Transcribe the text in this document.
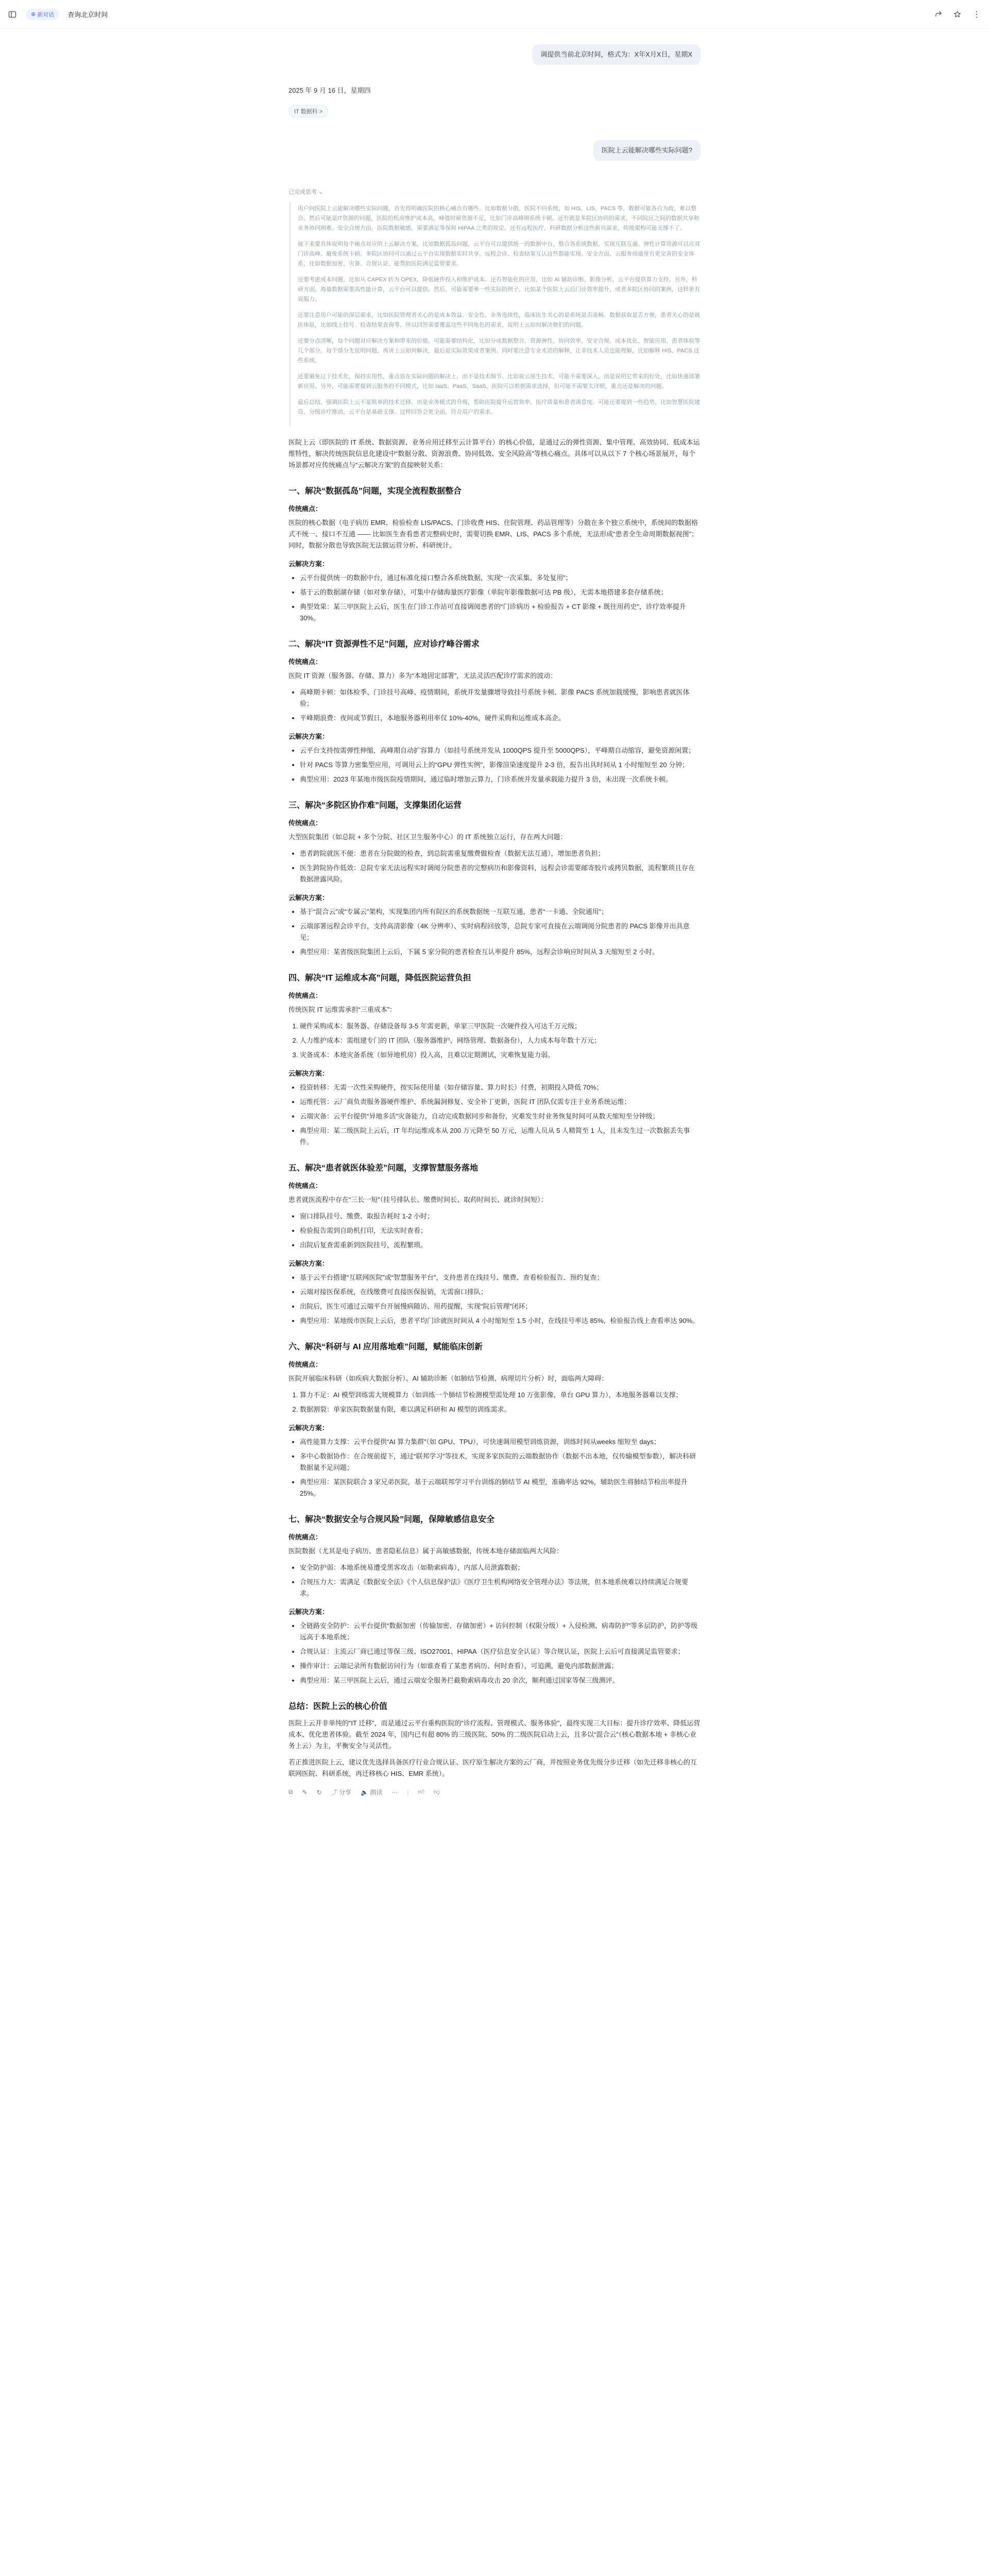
⊕ 新对话 查询北京时间	⋮
调提供当前北京时间，格式为：X年X月X日，星期X
2025 年 9 月 16 日，星期四
IT 数据科 >
医院上云能解决哪些实际问题?
已完成思考 ⌄

用户问医院上云能解决哪些实际问题，首先得明确医院的核心痛点有哪些。比如数据分散，医院不同系统，如 HIS、LIS、PACS 等，数据可能各自为政，难以整合。然后可能是IT资源的问题，医院的机房维护成本高，峰值时候资源不足，比如门诊高峰期系统卡顿。还有就是多院区协同的需求，不同院区之间的数据共享和业务协同困难。安全合规方面，医院数据敏感，需要满足等保和 HIPAA 之类的规定。还有远程医疗、科研数据分析这些新兴需求，传统架构可能支撑不了。

接下来要具体说明每个痛点对应的上云解决方案。比如数据孤岛问题，云平台可以提供统一的数据中台，整合各系统数据，实现互联互通。弹性计算资源可以应对门诊高峰，避免系统卡顿。多院区协同可以通过云平台实现数据实时共享，远程会诊、检查结果互认这些都能实现。安全方面，云服务商通常有更完善的安全体系，比如数据加密、灾备、合规认证，能帮助医院满足监管要求。

还要考虑成本问题，比如从 CAPEX 转为 OPEX，降低硬件投入和维护成本。还有智能化的应用，比如 AI 辅助诊断、影像分析，云平台提供算力支持。另外，科研方面，海量数据需要高性能计算，云平台可以提供。然后，可能需要举一些实际的例子，比如某个医院上云后门诊效率提升，或者多院区协同的案例，这样更有说服力。

还要注意用户可能的深层需求，比如医院管理者关心的是成本效益、安全性、业务连续性，临床医生关心的是系统是否流畅、数据获取是否方便，患者关心的是就医体验，比如线上挂号、检查结果查询等。所以回答需要覆盖这些不同角色的需求，说明上云如何解决他们的问题。

还要分点清晰，每个问题对应解决方案和带来的价值。可能需要结构化，比如分成数据整合、资源弹性、协同效率、安全合规、成本优化、智能应用、患者体验等几个部分。每个部分先说明问题，再讲上云如何解决，最后是实际效果或者案例。同时要注意专业术语的解释，让非技术人员也能理解，比如解释 HIS、PACS 这些系统。

还要避免过于技术化，保持实用性，重点放在实际问题的解决上，而不是技术细节。比如说云原生技术，可能不需要深入，而是说明它带来的好处，比如快速部署新应用。另外，可能需要提到云服务的不同模式，比如 IaaS、PaaS、SaaS，医院可以根据需求选择，但可能不需要太详细，重点还是解决的问题。

最后总结，强调医院上云不是简单的技术迁移，而是业务模式的升级，帮助医院提升运营效率、医疗质量和患者满意度。可能还要提到一些趋势，比如智慧医院建设、分级诊疗推动，云平台是基础支撑。这样回答会更全面，符合用户的需求。

医院上云（即医院的 IT 系统、数据资源、业务应用迁移至云计算平台）的核心价值，是通过云的弹性资源、集中管理、高效协同、低成本运维特性，解决传统医院信息化建设中“数据分散、资源浪费、协同低效、安全风险高”等核心痛点。具体可以从以下 7 个核心场景展开，每个场景都对应传统痛点与“云解决方案”的直接映射关系：

一、解决“数据孤岛”问题，实现全流程数据整合
传统痛点：

医院的核心数据（电子病历 EMR、检验检查 LIS/PACS、门诊收费 HIS、住院管理、药品管理等）分散在多个独立系统中，系统间的数据格式不统一、接口不互通 —— 比如医生查看患者完整病史时，需要切换 EMR、LIS、PACS 多个系统，无法形成“患者全生命周期数据视图”；同时，数据分散也导致医院无法做运营分析、科研统计。

云解决方案：
• 云平台提供统一的数据中台，通过标准化接口整合各系统数据，实现“一次采集、多处复用”；
• 基于云的数据湖存储（如对象存储），可集中存储海量医疗影像（单院年影像数据可达 PB 级），无需本地搭建多套存储系统；
• 典型效果：某三甲医院上云后，医生在门诊工作站可直接调阅患者的“门诊病历 + 检验报告 + CT 影像 + 既往用药史”，诊疗效率提升 30%。
二、解决“IT 资源弹性不足”问题，应对诊疗峰谷需求
传统痛点：

医院 IT 资源（服务器、存储、算力）多为“本地固定部署”，无法灵活匹配诊疗需求的波动：

• 高峰期卡顿：如体检季、门诊挂号高峰、疫情期间，系统并发量骤增导致挂号系统卡顿、影像 PACS 系统加载缓慢，影响患者就医体验；
• 平峰期浪费：夜间或节假日，本地服务器利用率仅 10%-40%，硬件采购和运维成本高企。
云解决方案：
• 云平台支持按需弹性伸缩，高峰期自动扩容算力（如挂号系统并发从 1000QPS 提升至 5000QPS），平峰期自动缩容，避免资源闲置；
• 针对 PACS 等算力密集型应用，可调用云上的“GPU 弹性实例”，影像渲染速度提升 2-3 倍，报告出具时间从 1 小时缩短至 20 分钟；
• 典型应用：2023 年某地市级医院疫情期间，通过临时增加云算力，门诊系统并发量承载能力提升 3 倍，未出现一次系统卡顿。
三、解决“多院区协作难”问题，支撑集团化运营
传统痛点：

大型医院集团（如总院 + 多个分院、社区卫生服务中心）的 IT 系统独立运行，存在两大问题：

• 患者跨院就医不便：患者在分院做的检查，到总院需重复缴费做检查（数据无法互通），增加患者负担；
• 医生跨院协作低效：总院专家无法远程实时调阅分院患者的完整病历和影像资料，远程会诊需要邮寄胶片或拷贝数据，流程繁琐且存在数据泄露风险。
云解决方案：
• 基于“混合云”或“专属云”架构，实现集团内所有院区的系统数据统一互联互通，患者“一卡通、全院通用”；
• 云端部署远程会诊平台，支持高清影像（4K 分辨率）、实时病程回放等，总院专家可直接在云端调阅分院患者的 PACS 影像并出具意见；
• 典型应用：某省级医院集团上云后，下属 5 家分院的患者检查互认率提升 85%，远程会诊响应时间从 3 天缩短至 2 小时。
四、解决“IT 运维成本高”问题，降低医院运营负担
传统痛点：

传统医院 IT 运维需承担“三重成本”：

1. 硬件采购成本：服务器、存储设备每 3-5 年需更新，单家三甲医院一次硬件投入可达千万元级；
2. 人力维护成本：需组建专门的 IT 团队（服务器维护、网络管理、数据备份），人力成本每年数十万元；
3. 灾备成本：本地灾备系统（如异地机房）投入高，且难以定期测试，灾难恢复能力弱。
云解决方案：
• 投资转移：无需一次性采购硬件，按实际使用量（如存储容量、算力时长）付费，初期投入降低 70%；
• 运维托管：云厂商负责服务器硬件维护、系统漏洞修复、安全补丁更新，医院 IT 团队仅需专注于业务系统运维；
• 云端灾备：云平台提供“异地多活”灾备能力，自动完成数据同步和备份，灾难发生时业务恢复时间可从数天缩短至分钟级；
• 典型应用：某二级医院上云后，IT 年均运维成本从 200 万元降至 50 万元，运维人员从 5 人精简至 1 人，且未发生过一次数据丢失事件。
五、解决“患者就医体验差”问题，支撑智慧服务落地
传统痛点：

患者就医流程中存在“三长一短”（挂号排队长、缴费时间长、取药时间长、就诊时间短）：

• 窗口排队挂号、缴费、取报告耗时 1-2 小时；
• 检验报告需到自助机打印，无法实时查看；
• 出院后复查需重新到医院挂号，流程繁琐。
云解决方案：
• 基于云平台搭建“互联网医院”或“智慧服务平台”，支持患者在线挂号、缴费、查看检验报告、预约复查；
• 云端对接医保系统，在线缴费可直接医保报销，无需窗口排队；
• 出院后，医生可通过云端平台开展慢病随访、用药提醒，实现“院后管理”闭环；
• 典型应用：某地级市医院上云后，患者平均门诊就医时间从 4 小时缩短至 1.5 小时，在线挂号率达 85%，检验报告线上查看率达 90%。
六、解决“科研与 AI 应用落地难”问题，赋能临床创新
传统痛点：

医院开展临床科研（如疾病大数据分析）、AI 辅助诊断（如肺结节检测、病理切片分析）时，面临两大障碍：

1. 算力不足：AI 模型训练需大规模算力（如训练一个肺结节检测模型需处理 10 万张影像，单台 GPU 算力），本地服务器难以支撑；
2. 数据割裂：单家医院数据量有限，难以满足科研和 AI 模型的训练需求。
云解决方案：
• 高性能算力支撑：云平台提供“AI 算力集群”（如 GPU、TPU），可快速调用模型训练资源，训练时间从weeks 缩短至 days；
• 多中心数据协作：在合规前提下，通过“联邦学习”等技术，实现多家医院的云端数据协作（数据不出本地，仅传输模型参数），解决科研数据量不足问题；
• 典型应用：某医院联合 3 家兄弟医院，基于云端联邦学习平台训练的肺结节 AI 模型，准确率达 92%，辅助医生将肺结节检出率提升 25%。
七、解决“数据安全与合规风险”问题，保障敏感信息安全
传统痛点：

医院数据（尤其是电子病历、患者隐私信息）属于高敏感数据，传统本地存储面临两大风险：

• 安全防护弱：本地系统易遭受黑客攻击（如勒索病毒），内部人员泄露数据；
• 合规压力大：需满足《数据安全法》《个人信息保护法》《医疗卫生机构网络安全管理办法》等法规，但本地系统难以持续满足合规要求。
云解决方案：
• 全链路安全防护：云平台提供“数据加密（传输加密、存储加密）+ 访问控制（权限分级）+ 入侵检测、病毒防护”等多层防护，防护等级远高于本地系统；
• 合规认证：主流云厂商已通过等保三级、ISO27001、HIPAA（医疗信息安全认证）等合规认证，医院上云后可直接满足监管要求；
• 操作审计：云端记录所有数据访问行为（如谁查看了某患者病历、何时查看），可追溯，避免内部数据泄露；
• 典型应用：某三甲医院上云后，通过云端安全服务拦截勒索病毒攻击 20 余次，顺利通过国家等保三级测评。
总结：医院上云的核心价值

医院上云并非单纯的“IT 迁移”，而是通过云平台重构医院的“诊疗流程、管理模式、服务体验”，最终实现三大目标：提升诊疗效率、降低运营成本、优化患者体验。截至 2024 年，国内已有超 80% 的三级医院、50% 的二级医院启动上云，且多以“混合云”（核心数据本地 + 非核心业务上云）为主，平衡安全与灵活性。

若正推进医院上云，建议优先选择具备医疗行业合规认证、医疗原生解决方案的云厂商，并按照业务优先级分步迁移（如先迁移非核心的互联网医院、科研系统，再迁移核心 HIS、EMR 系统）。

⧉ ✎ ↻ ⤴ 分享 🔈 朗读 ⋯ | 👍︎ 👎︎
